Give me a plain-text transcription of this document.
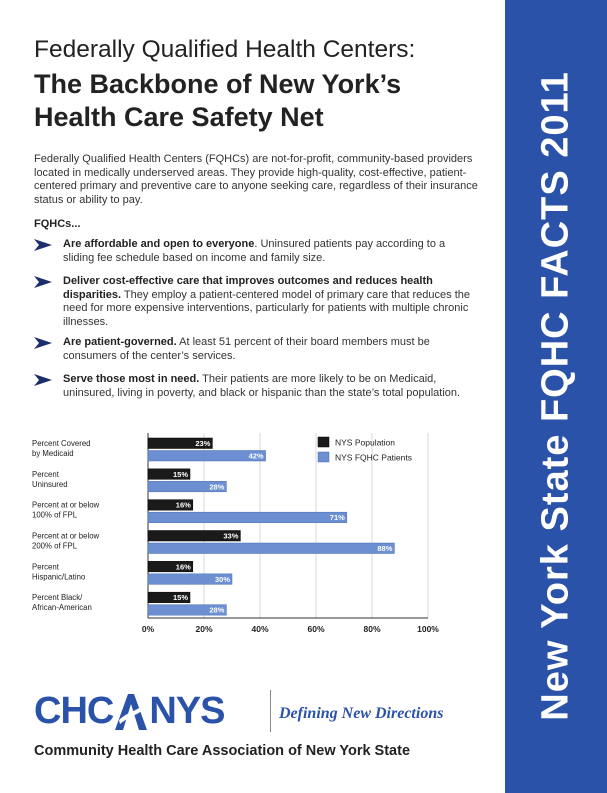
New York State FQHC FACTS 2011
Federally Qualified Health Centers:
The Backbone of New York’s Health Care Safety Net
Federally Qualified Health Centers (FQHCs) are not-for-profit, community-based providers located in medically underserved areas. They provide high-quality, cost-effective, patient-centered primary and preventive care to anyone seeking care, regardless of their insurance status or ability to pay.
FQHCs...
Are affordable and open to everyone. Uninsured patients pay according to a sliding fee schedule based on income and family size.
Deliver cost-effective care that improves outcomes and reduces health disparities. They employ a patient-centered model of primary care that reduces the need for more expensive interventions, particularly for patients with multiple chronic illnesses.
Are patient-governed. At least 51 percent of their board members must be consumers of the center’s services.
Serve those most in need. Their patients are more likely to be on Medicaid, uninsured, living in poverty, and black or hispanic than the state’s total population.
0%	20%	40%	60%	80%	100%
Percent Covered
by Medicaid
23%
42%
Percent
Uninsured
15%
28%
Percent at or below
100% of FPL
16%
71%
Percent at or below
200% of FPL
33%
88%
Percent
Hispanic/Latino
16%
30%
Percent Black/
African-American
15%
28%
NYS Population
NYS FQHC Patients
CHC NYS	Defining New Directions
Community Health Care Association of New York State
